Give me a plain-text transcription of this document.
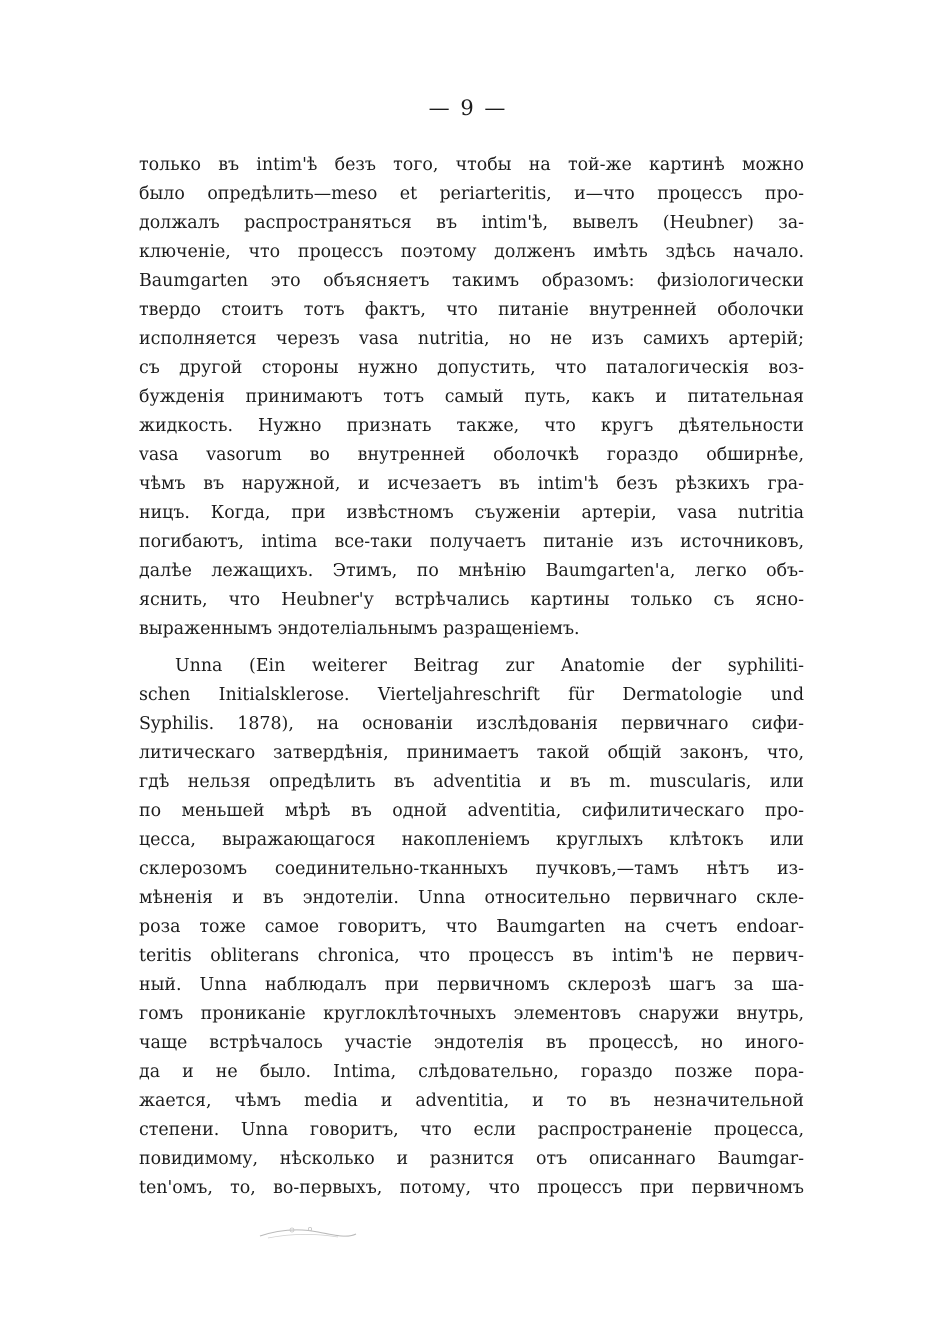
— 9 —
только въ intim'ѣ безъ того, чтобы на той-же картинѣ можно
было опредѣлить—meso et periarteritis, и—что процессъ про-
должалъ распространяться въ intim'ѣ, вывелъ (Heubner) за-
ключеніе, что процессъ поэтому долженъ имѣть здѣсь начало.
Baumgarten это объясняетъ такимъ образомъ: физіологически
твердо стоитъ тотъ фактъ, что питаніе внутренней оболочки
исполняется черезъ vasa nutritia, но не изъ самихъ артерій;
съ другой стороны нужно допустить, что паталогическія воз-
бужденія принимаютъ тотъ самый путь, какъ и питательная
жидкость. Нужно признать также, что кругъ дѣятельности
vasa vasorum во внутренней оболочкѣ гораздо обширнѣе,
чѣмъ въ наружной, и исчезаетъ въ intim'ѣ безъ рѣзкихъ гра-
ницъ. Когда, при извѣстномъ съуженіи артеріи, vasa nutritia
погибаютъ, intima все-таки получаетъ питаніе изъ источниковъ,
далѣе лежащихъ. Этимъ, по мнѣнію Baumgarten'a, легко объ-
яснить, что Heubner'у встрѣчались картины только съ ясно-
выраженнымъ эндотеліальнымъ разращеніемъ.
Unna (Ein weiterer Beitrag zur Anatomie der syphiliti-
schen Initialsklerose. Vierteljahreschrift für Dermatologie und
Syphilis. 1878), на основаніи изслѣдованія первичнаго сифи-
литическаго затвердѣнія, принимаетъ такой общій законъ, что,
гдѣ нельзя опредѣлить въ adventitia и въ m. muscularis, или
по меньшей мѣрѣ въ одной adventitia, сифилитическаго про-
цесса, выражающагося накопленіемъ круглыхъ клѣтокъ или
склерозомъ соединительно-тканныхъ пучковъ,—тамъ нѣтъ из-
мѣненія и въ эндотеліи. Unna относительно первичнаго скле-
роза тоже самое говоритъ, что Baumgarten на счетъ endoar-
teritis obliterans chronica, что процессъ въ intim'ѣ не первич-
ный. Unna наблюдалъ при первичномъ склерозѣ шагъ за ша-
гомъ прониканіе круглоклѣточныхъ элементовъ снаружи внутрь,
чаще встрѣчалось участіе эндотелія въ процессѣ, но иного-
да и не было. Intima, слѣдовательно, гораздо позже пора-
жается, чѣмъ media и adventitia, и то въ незначительной
степени. Unna говоритъ, что если распространеніе процесса,
повидимому, нѣсколько и разнится отъ описаннаго Baumgar-
ten'омъ, то, во-первыхъ, потому, что процессъ при первичномъ
